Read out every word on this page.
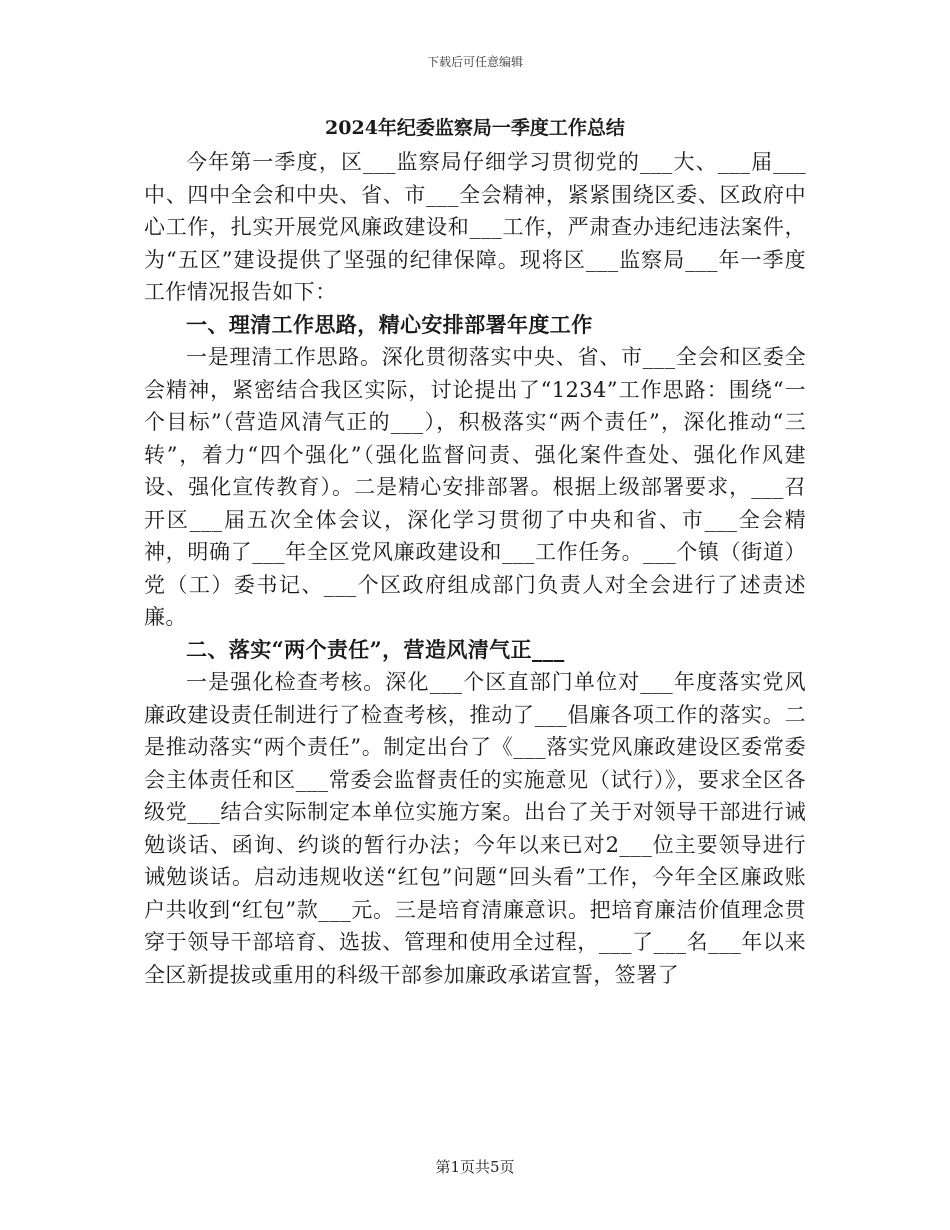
下载后可任意编辑
2024年纪委监察局一季度工作总结

今年第一季度，区___监察局仔细学习贯彻党的___大、___届___中、四中全会和中央、省、市___全会精神，紧紧围绕区委、区政府中心工作，扎实开展党风廉政建设和___工作，严肃查办违纪违法案件，为“五区”建设提供了坚强的纪律保障。现将区___监察局___年一季度工作情况报告如下：

一、理清工作思路，精心安排部署年度工作

一是理清工作思路。深化贯彻落实中央、省、市___全会和区委全会精神，紧密结合我区实际，讨论提出了“1234”工作思路：围绕“一个目标”（营造风清气正的___），积极落实“两个责任”，深化推动“三转”，着力“四个强化”（强化监督问责、强化案件查处、强化作风建设、强化宣传教育）。二是精心安排部署。根据上级部署要求，___召开区___届五次全体会议，深化学习贯彻了中央和省、市___全会精神，明确了___年全区党风廉政建设和___工作任务。___个镇（街道）党（工）委书记、___个区政府组成部门负责人对全会进行了述责述廉。

二、落实“两个责任”，营造风清气正___

一是强化检查考核。深化___个区直部门单位对___年度落实党风廉政建设责任制进行了检查考核，推动了___倡廉各项工作的落实。二是推动落实“两个责任”。制定出台了《___落实党风廉政建设区委常委会主体责任和区___常委会监督责任的实施意见（试行）》，要求全区各级党___结合实际制定本单位实施方案。出台了关于对领导干部进行诫勉谈话、函询、约谈的暂行办法；今年以来已对2___位主要领导进行诫勉谈话。启动违规收送“红包”问题“回头看”工作，今年全区廉政账户共收到“红包”款___元。三是培育清廉意识。把培育廉洁价值理念贯穿于领导干部培育、选拔、管理和使用全过程，___了___名___年以来全区新提拔或重用的科级干部参加廉政承诺宣誓，签署了

第1页共5页
